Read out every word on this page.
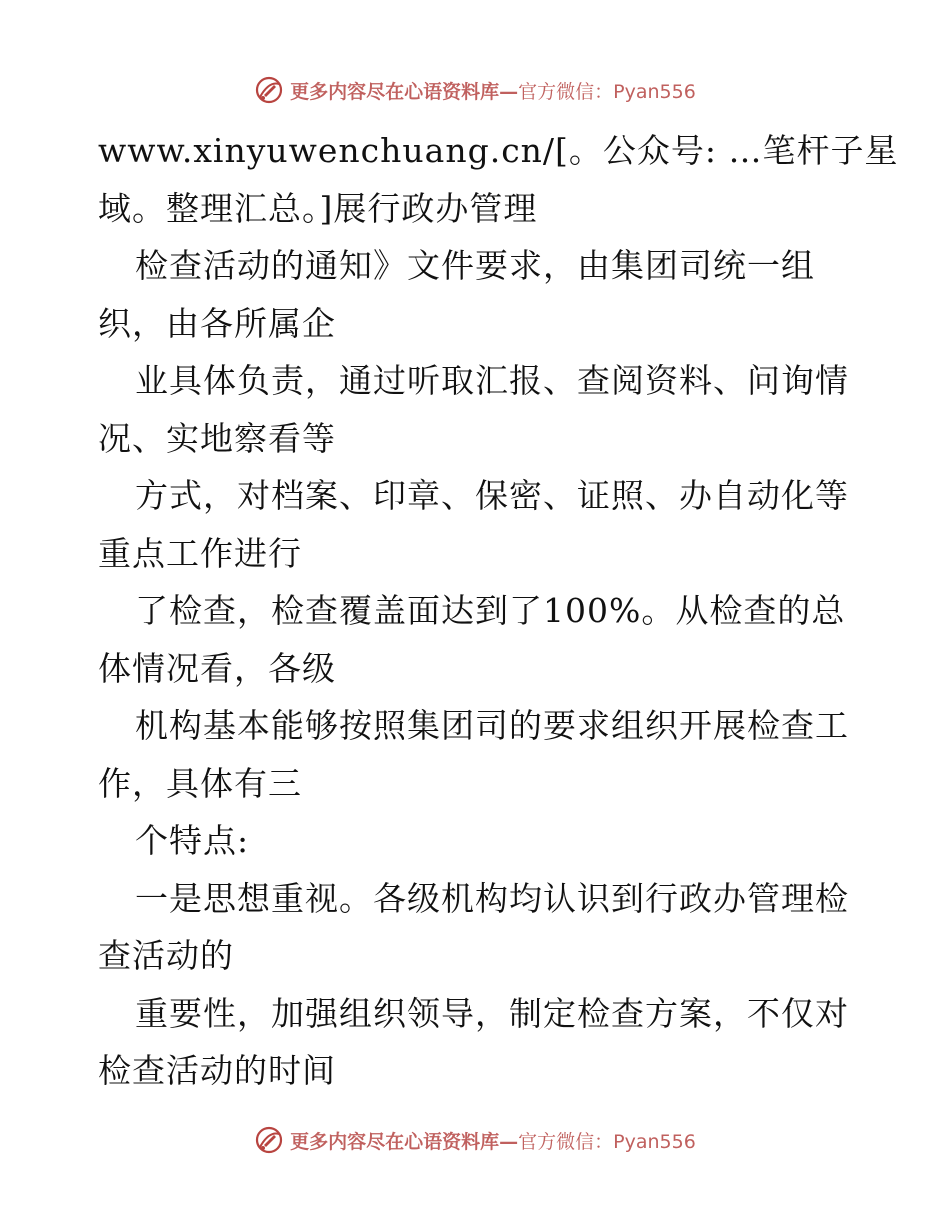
更多内容尽在心语资料库— 官方微信：Pyan556
www.xinyuwenchuang.cn/[。公众号: …笔杆子星
域。整理汇总。]展行政办管理
检查活动的通知》文件要求，由集团司统一组
织，由各所属企
业具体负责，通过听取汇报、查阅资料、问询情
况、实地察看等
方式，对档案、印章、保密、证照、办自动化等
重点工作进行
了检查，检查覆盖面达到了100%。从检查的总
体情况看，各级
机构基本能够按照集团司的要求组织开展检查工
作，具体有三
个特点:
一是思想重视。各级机构均认识到行政办管理检
查活动的
重要性，加强组织领导，制定检查方案，不仅对
检查活动的时间
更多内容尽在心语资料库— 官方微信：Pyan556
